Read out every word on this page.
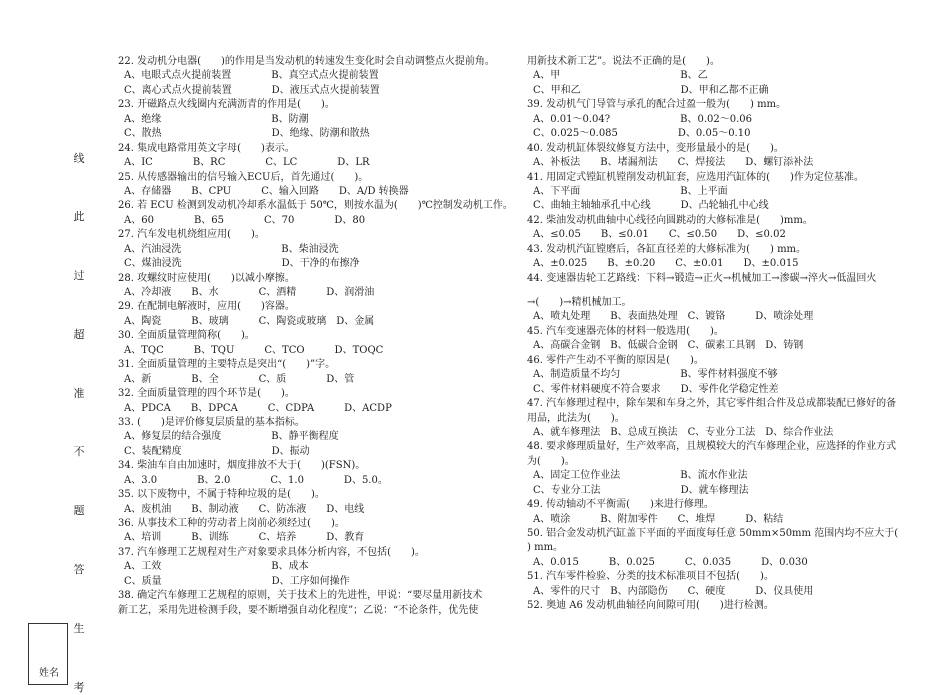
线
此
过
超
准
不
题
答
生
考
姓名
22. 发动机分电器(　　)的作用是当发动机的转速发生变化时会自动调整点火提前角。
A、电眼式点火提前装置　　　　B、真空式点火提前装置
C、离心式点火提前装置　　　　D、液压式点火提前装置
23. 开磁路点火线圈内充满沥青的作用是(　　)。
A、绝缘　　　　　　　　　　　B、防潮
C、散热　　　　　　　　　　　D、绝缘、防潮和散热
24. 集成电路常用英文字母(　　)表示。
A、IC　　　　B、RC　　　　C、LC　　　　D、LR
25. 从传感器输出的信号输入ECU后，首先通过(　　)。
A、存储器　　B、CPU　　　C、输入回路　　D、A/D 转换器
26. 若 ECU 检测到发动机冷却系水温低于 50℃，则按水温为(　　)℃控制发动机工作。
A、60　　　　B、65　　　　C、70　　　　D、80
27. 汽车发电机绕组应用(　　)。
A、汽油浸洗　　　　　　　　　　B、柴油浸洗
C、煤油浸洗　　　　　　　　　　D、干净的布擦净
28. 攻螺纹时应使用(　　)以减小摩擦。
A、冷却液　　B、水　　　　C、酒精　　　D、润滑油
29. 在配制电解液时，应用(　　)容器。
A、陶瓷　　　B、玻璃　　　C、陶瓷或玻璃　D、金属
30. 全面质量管理简称(　　)。
A、TQC　　　B、TQU　　　C、TCO　　　D、TOQC
31. 全面质量管理的主要特点是突出“(　　)”字。
A、新　　　　B、全　　　　C、质　　　　D、管
32. 全面质量管理的四个环节是(　　)。
A、PDCA　　B、DPCA　　　C、CDPA　　　D、ACDP
33. (　　)是评价修复层质量的基本指标。
A、修复层的结合强度　　　　　B、静平衡程度
C、装配精度　　　　　　　　　D、振动
34. 柴油车自由加速时，烟度排放不大于(　　)(FSN)。
A、3.0　　　　B、2.0　　　　C、1.0　　　　D、5.0。
35. 以下废物中，不属于特种垃圾的是(　　)。
A、废机油　　B、制动液　　C、防冻液　　D、电线
36. 从事技术工种的劳动者上岗前必须经过(　　)。
A、培训　　　B、训练　　　C、培养　　　D、教育
37. 汽车修理工艺规程对生产对象要求具体分析内容，不包括(　　)。
A、工效　　　　　　　　　　　B、成本
C、质量　　　　　　　　　　　D、工序如何操作
38. 确定汽车修理工艺规程的原则，关于技术上的先进性，甲说：“要尽量用新技术
新工艺，采用先进检测手段，要不断增强自动化程度”；乙说：“不论条件，优先使
用新技术新工艺”。说法不正确的是(　　)。
A、甲　　　　　　　　　　　　B、乙
C、甲和乙　　　　　　　　　　D、甲和乙都不正确
39. 发动机气门导管与承孔的配合过盈一般为(　　) mm。
A、0.01～0.04?　　　　　　　B、0.02～0.06
C、0.025～0.085　　　　　　D、0.05～0.10
40. 发动机缸体裂纹修复方法中，变形量最小的是(　　)。
A、补板法　　B、堵漏剂法　　C、焊接法　　D、螺钉添补法
41. 用固定式镗缸机镗削发动机缸套，应选用汽缸体的(　　)作为定位基准。
A、下平面　　　　　　　　　　B、上平面
C、曲轴主轴轴承孔中心线　　　D、凸轮轴孔中心线
42. 柴油发动机曲轴中心线径向圆跳动的大修标准是(　　)mm。
A、≤0.05　　B、≤0.01　　C、≤0.50　　D、≤0.02
43. 发动机汽缸镗磨后，各缸直径差的大修标准为(　　) mm。
A、±0.025　　B、±0.20　　C、±0.01　　D、±0.015
44. 变速器齿轮工艺路线：下料→锻造→正火→机械加工→渗碳→淬火→低温回火
→(　　)→精机械加工。
A、喷丸处理　　B、表面热处理　C、镀铬　　　D、喷涂处理
45. 汽车变速器壳体的材料一般选用(　　)。
A、高碳合金钢　B、低碳合金钢　C、碳素工具钢　D、铸钢
46. 零件产生动不平衡的原因是(　　)。
A、制造质量不均匀　　　　　　B、零件材料强度不够
C、零件材料硬度不符合要求　　D、零件化学稳定性差
47. 汽车修理过程中，除车架和车身之外，其它零件组合件及总成都装配已修好的备
用品，此法为(　　)。
A、就车修理法　B、总成互换法　C、专业分工法　D、综合作业法
48. 要求修理质量好，生产效率高，且规模较大的汽车修理企业，应选择的作业方式
为(　　)。
A、固定工位作业法　　　　　　B、流水作业法
C、专业分工法　　　　　　　　D、就车修理法
49. 传动轴动不平衡需(　　)来进行修理。
A、喷涂　　　B、附加零件　　C、堆焊　　　D、粘结
50. 铝合金发动机汽缸盖下平面的平面度每任意 50mm×50mm 范围内均不应大于(
) mm。
A、0.015　　　B、0.025　　　C、0.035　　　D、0.030
51. 汽车零件检验、分类的技术标准项目不包括(　　)。
A、零件的尺寸　B、内部隐伤　　C、硬度　　　D、仪具使用
52. 奥迪 A6 发动机曲轴径向间隙可用(　　)进行检测。
